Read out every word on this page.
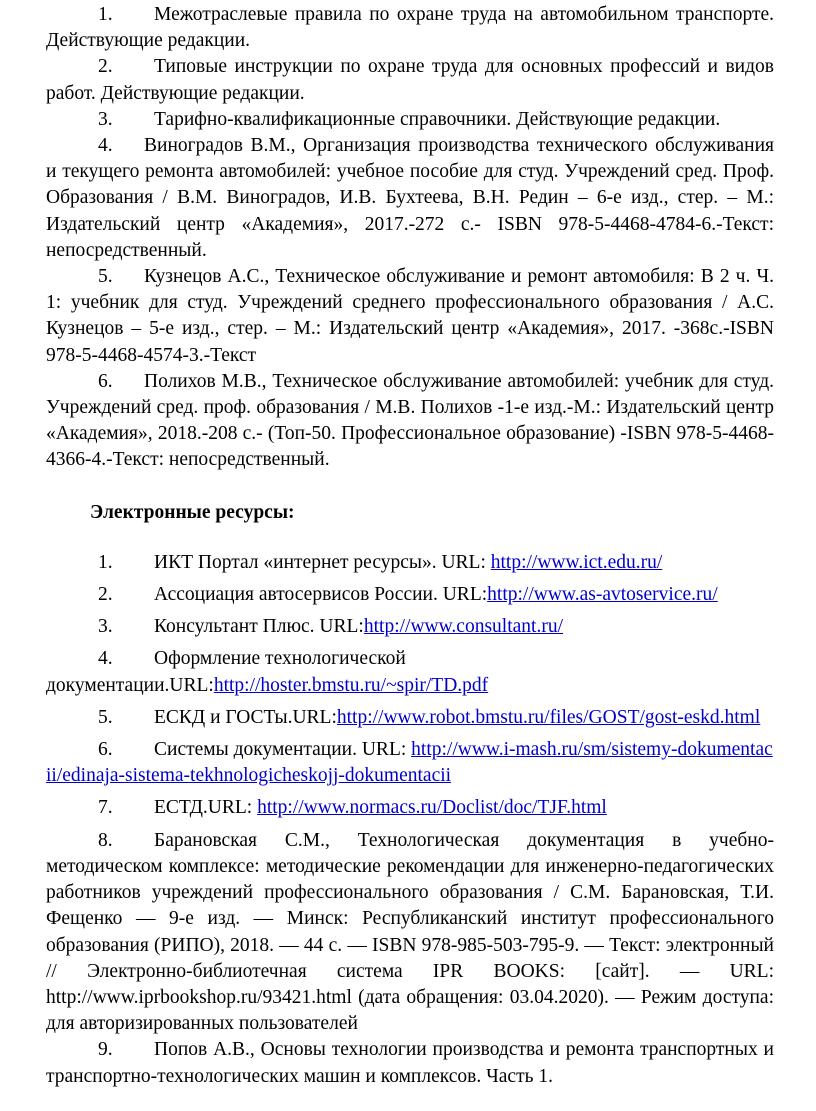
1. Межотраслевые правила по охране труда на автомобильном транспорте. Действующие редакции.

2. Типовые инструкции по охране труда для основных профессий и видов работ. Действующие редакции.

3. Тарифно-квалификационные справочники. Действующие редакции.

4. Виноградов В.М., Организация производства технического обслуживания и текущего ремонта автомобилей: учебное пособие для студ. Учреждений сред. Проф. Образования / В.М. Виноградов, И.В. Бухтеева, В.Н. Редин – 6-е изд., стер. – М.: Издательский центр «Академия», 2017.-272 с.- ISBN 978-5-4468-4784-6.-Текст: непосредственный.

5. Кузнецов А.С., Техническое обслуживание и ремонт автомобиля: В 2 ч. Ч. 1: учебник для студ. Учреждений среднего профессионального образования / А.С. Кузнецов – 5-е изд., стер. – М.: Издательский центр «Академия», 2017. -368с.-ISBN 978-5-4468-4574-3.-Текст

6. Полихов М.В., Техническое обслуживание автомобилей: учебник для студ. Учреждений сред. проф. образования / М.В. Полихов -1-е изд.-М.: Издательский центр «Академия», 2018.-208 с.- (Топ-50. Профессиональное образование) -ISBN 978-5-4468-4366-4.-Текст: непосредственный.

Электронные ресурсы:

1. ИКТ Портал «интернет ресурсы». URL: http://www.ict.edu.ru/

2. Ассоциация автосервисов России. URL:http://www.as-avtoservice.ru/

3. Консультант Плюс. URL:http://www.consultant.ru/

4. Оформление технологической документации.URL:http://hoster.bmstu.ru/~spir/TD.pdf

5. ЕСКД и ГОСТы.URL:http://www.robot.bmstu.ru/files/GOST/gost-eskd.html

6. Системы документации. URL: http://www.i-mash.ru/sm/sistemy-dokumentacii/edinaja-sistema-tekhnologicheskojj-dokumentacii

7. ЕСТД.URL: http://www.normacs.ru/Doclist/doc/TJF.html

8. Барановская С.М., Технологическая документация в учебно-методическом комплексе: методические рекомендации для инженерно-педагогических работников учреждений профессионального образования / С.М. Барановская, Т.И. Фещенко — 9-е изд. — Минск: Республиканский институт профессионального образования (РИПО), 2018. — 44 с. — ISBN 978-985-503-795-9. — Текст: электронный // Электронно-библиотечная система IPR BOOKS: [сайт]. — URL: http://www.iprbookshop.ru/93421.html (дата обращения: 03.04.2020). — Режим доступа: для авторизированных пользователей

9. Попов А.В., Основы технологии производства и ремонта транспортных и транспортно-технологических машин и комплексов. Часть 1.
